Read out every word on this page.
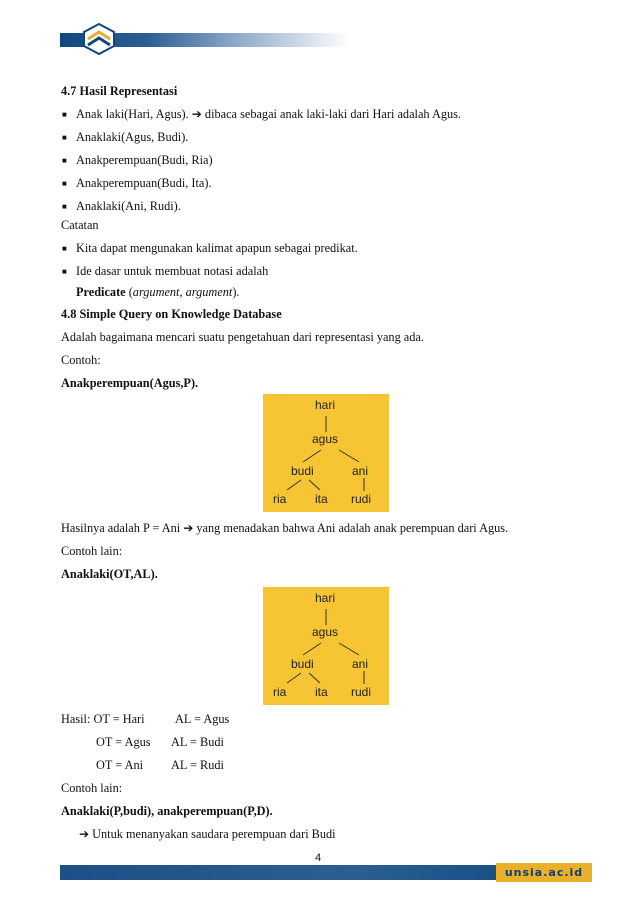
4.7 Hasil Representasi
■ Anak laki(Hari, Agus). ➔ dibaca sebagai anak laki-laki dari Hari adalah Agus.
■ Anaklaki(Agus, Budi).
■ Anakperempuan(Budi, Ria)
■ Anakperempuan(Budi, Ita).
■ Anaklaki(Ani, Rudi).
Catatan
■ Kita dapat mengunakan kalimat apapun sebagai predikat.
■ Ide dasar untuk membuat notasi adalah
Predicate (argument, argument).
4.8 Simple Query on Knowledge Database
Adalah bagaimana mencari suatu pengetahuan dari representasi yang ada.
Contoh:
Anakperempuan(Agus,P).
Hasilnya adalah P = Ani ➔ yang menadakan bahwa Ani adalah anak perempuan dari Agus.
Contoh lain:
Anaklaki(OT,AL).
Hasil: OT = Hari AL = Agus
OT = Agus AL = Budi
OT = Ani AL = Rudi
Contoh lain:
Anaklaki(P,budi), anakperempuan(P,D).
➔ Untuk menanyakan saudara perempuan dari Budi
hari
agus
budi	ani
ria ita rudi
hari
agus
budi	ani
ria ita rudi
4
unsia.ac.id
